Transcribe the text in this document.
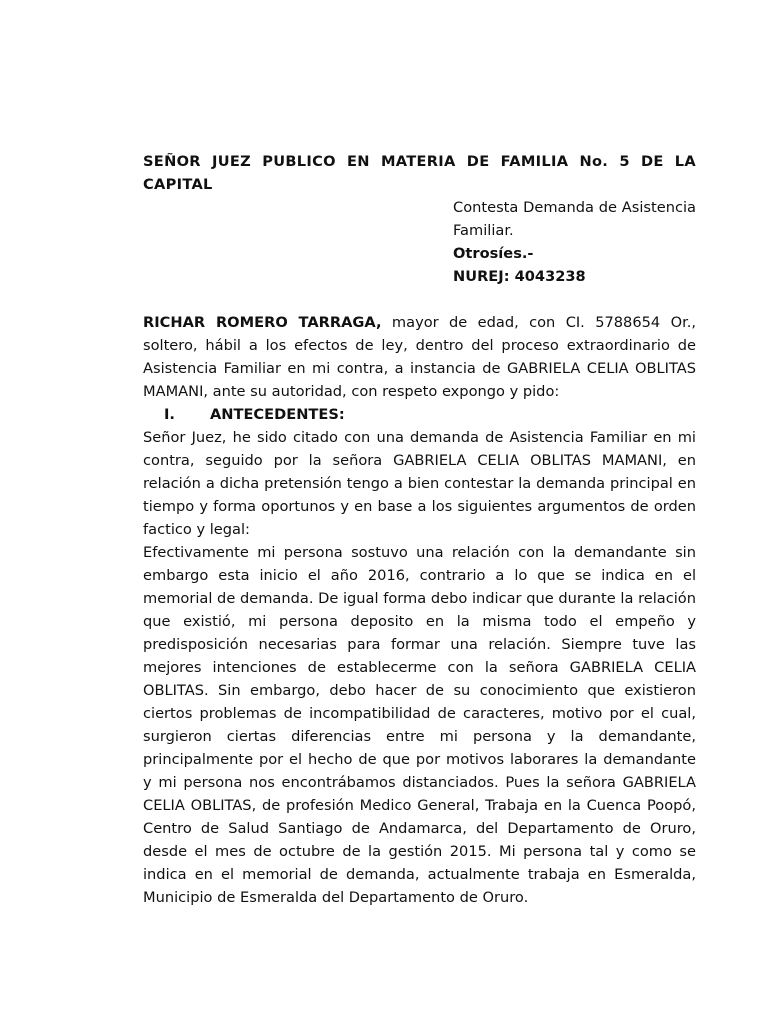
SEÑOR JUEZ PUBLICO EN MATERIA DE FAMILIA No. 5 DE LA CAPITAL

Contesta Demanda de Asistencia Familiar.

Otrosíes.-

NUREJ: 4043238

RICHAR ROMERO TARRAGA, mayor de edad, con CI. 5788654 Or., soltero, hábil a los efectos de ley, dentro del proceso extraordinario de Asistencia Familiar en mi contra, a instancia de GABRIELA CELIA OBLITAS MAMANI, ante su autoridad, con respeto expongo y pido:

I.	ANTECEDENTES:

Señor Juez, he sido citado con una demanda de Asistencia Familiar en mi contra, seguido por la señora GABRIELA CELIA OBLITAS MAMANI, en relación a dicha pretensión tengo a bien contestar la demanda principal en tiempo y forma oportunos y en base a los siguientes argumentos de orden factico y legal:

Efectivamente mi persona sostuvo una relación con la demandante sin embargo esta inicio el año 2016, contrario a lo que se indica en el memorial de demanda. De igual forma debo indicar que durante la relación que existió, mi persona deposito en la misma todo el empeño y predisposición necesarias para formar una relación. Siempre tuve las mejores intenciones de establecerme con la señora GABRIELA CELIA OBLITAS. Sin embargo, debo hacer de su conocimiento que existieron ciertos problemas de incompatibilidad de caracteres, motivo por el cual, surgieron ciertas diferencias entre mi persona y la demandante, principalmente por el hecho de que por motivos laborares la demandante y mi persona nos encontrábamos distanciados. Pues la señora GABRIELA CELIA OBLITAS, de profesión Medico General, Trabaja en la Cuenca Poopó, Centro de Salud Santiago de Andamarca, del Departamento de Oruro, desde el mes de octubre de la gestión 2015. Mi persona tal y como se indica en el memorial de demanda, actualmente trabaja en Esmeralda, Municipio de Esmeralda del Departamento de Oruro.
